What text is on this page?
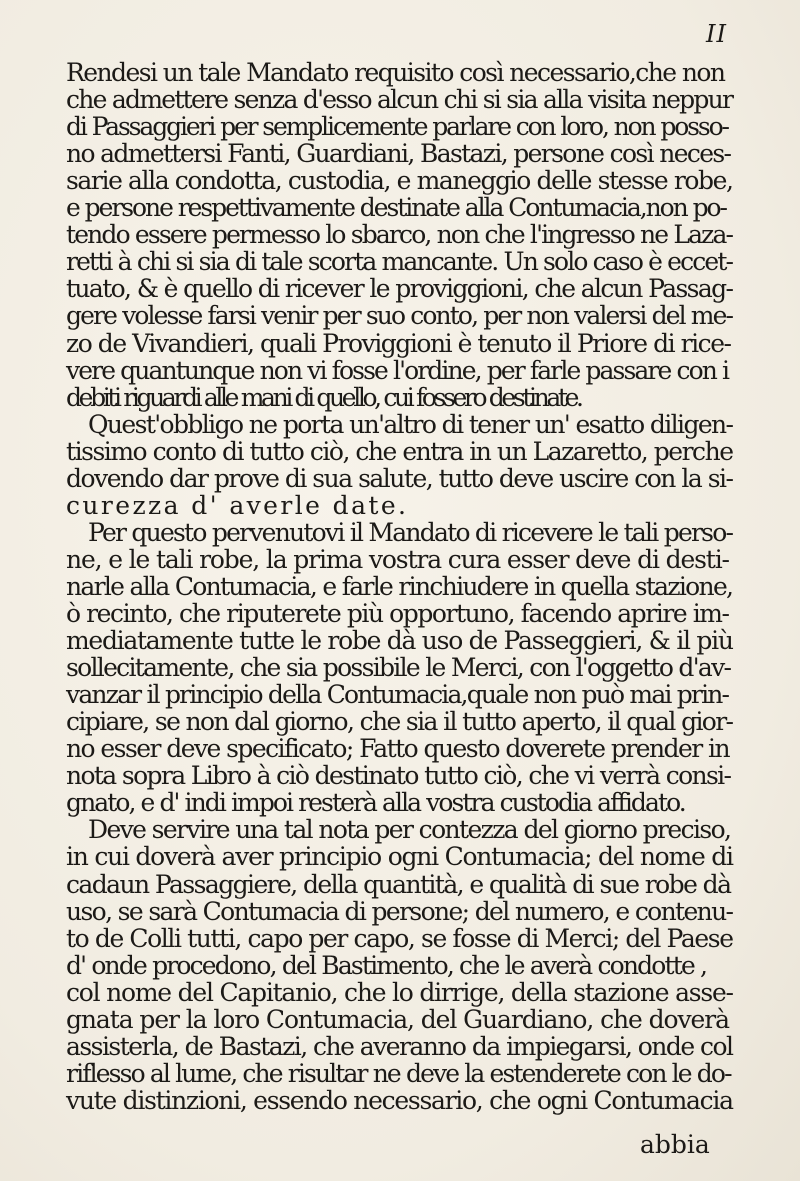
II
Rendesi un tale Mandato requisito così necessario,che non
che admettere senza d'esso alcun chi si sia alla visita neppur
di Passaggieri per semplicemente parlare con loro, non posso-
no admettersi Fanti, Guardiani, Bastazi, persone così neces-
sarie alla condotta, custodia, e maneggio delle stesse robe,
e persone respettivamente destinate alla Contumacia,non po-
tendo essere permesso lo sbarco, non che l'ingresso ne Laza-
retti à chi si sia di tale scorta mancante. Un solo caso è eccet-
tuato, & è quello di ricever le proviggioni, che alcun Passag-
gere volesse farsi venir per suo conto, per non valersi del me-
zo de Vivandieri, quali Proviggioni è tenuto il Priore di rice-
vere quantunque non vi fosse l'ordine, per farle passare con i
debiti riguardi alle mani di quello, cui fossero destinate.
Quest'obbligo ne porta un'altro di tener un' esatto diligen-
tissimo conto di tutto ciò, che entra in un Lazaretto, perche
dovendo dar prove di sua salute, tutto deve uscire con la si-
curezza d' averle date.
Per questo pervenutovi il Mandato di ricevere le tali perso-
ne, e le tali robe, la prima vostra cura esser deve di desti-
narle alla Contumacia, e farle rinchiudere in quella stazione,
ò recinto, che riputerete più opportuno, facendo aprire im-
mediatamente tutte le robe dà uso de Passeggieri, & il più
sollecitamente, che sia possibile le Merci, con l'oggetto d'av-
vanzar il principio della Contumacia,quale non può mai prin-
cipiare, se non dal giorno, che sia il tutto aperto, il qual gior-
no esser deve specificato; Fatto questo doverete prender in
nota sopra Libro à ciò destinato tutto ciò, che vi verrà consi-
gnato, e d' indi impoi resterà alla vostra custodia affidato.
Deve servire una tal nota per contezza del giorno preciso,
in cui doverà aver principio ogni Contumacia; del nome di
cadaun Passaggiere, della quantità, e qualità di sue robe dà
uso, se sarà Contumacia di persone; del numero, e contenu-
to de Colli tutti, capo per capo, se fosse di Merci; del Paese
d' onde procedono, del Bastimento, che le averà condotte ,
col nome del Capitanio, che lo dirrige, della stazione asse-
gnata per la loro Contumacia, del Guardiano, che doverà
assisterla, de Bastazi, che averanno da impiegarsi, onde col
riflesso al lume, che risultar ne deve la estenderete con le do-
vute distinzioni, essendo necessario, che ogni Contumacia
abbia
